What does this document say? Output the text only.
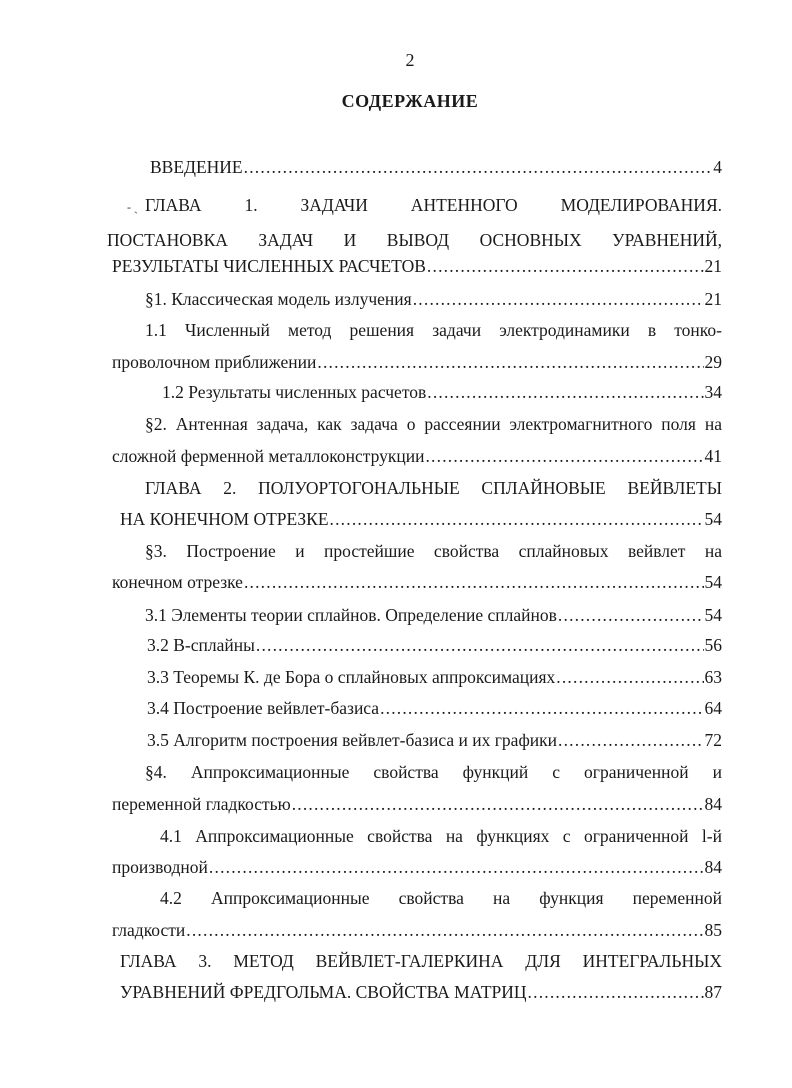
2
СОДЕРЖАНИЕ
‐ ˎ
ВВЕДЕНИЕ .....	4
ГЛАВА 1. ЗАДАЧИ АНТЕННОГО МОДЕЛИРОВАНИЯ.
ПОСТАНОВКА ЗАДАЧ И ВЫВОД ОСНОВНЫХ УРАВНЕНИЙ,
РЕЗУЛЬТАТЫ ЧИСЛЕННЫХ РАСЧЕТОВ .....	21
§1. Классическая модель излучения .....	21
1.1 Численный метод решения задачи электродинамики в тонко-
проволочном приближении .....	29
1.2 Результаты численных расчетов .....	34
§2. Антенная задача, как задача о рассеянии электромагнитного поля на
сложной ферменной металлоконструкции .....	41
ГЛАВА 2. ПОЛУОРТОГОНАЛЬНЫЕ СПЛАЙНОВЫЕ ВЕЙВЛЕТЫ
НА КОНЕЧНОМ ОТРЕЗКЕ .....	54
§3. Построение и простейшие свойства сплайновых вейвлет на
конечном отрезке .....	54
3.1 Элементы теории сплайнов. Определение сплайнов .....	54
3.2 B-сплайны .....	56
3.3 Теоремы К. де Бора о сплайновых аппроксимациях .....	63
3.4 Построение вейвлет-базиса .....	64
3.5 Алгоритм построения вейвлет-базиса и их графики .....	72
§4. Аппроксимационные свойства функций с ограниченной и
переменной гладкостью .....	84
4.1 Аппроксимационные свойства на функциях с ограниченной l-й
производной .....	84
4.2 Аппроксимационные свойства на функция переменной
гладкости .....	85
ГЛАВА 3. МЕТОД ВЕЙВЛЕТ-ГАЛЕРКИНА ДЛЯ ИНТЕГРАЛЬНЫХ
УРАВНЕНИЙ ФРЕДГОЛЬМА. СВОЙСТВА МАТРИЦ .....	87
